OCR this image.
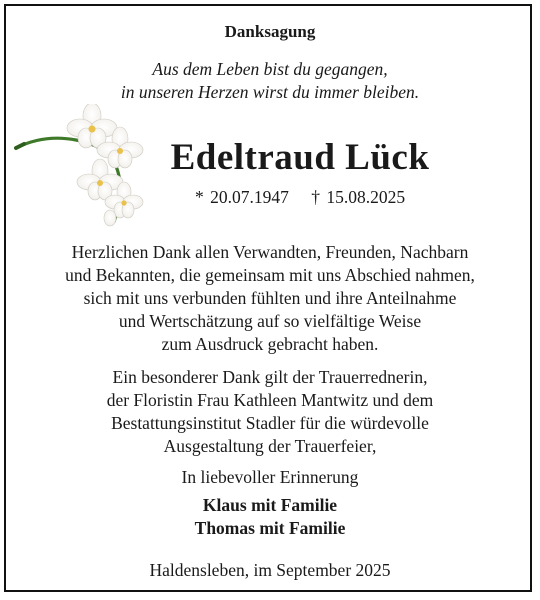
Danksagung
Aus dem Leben bist du gegangen,
in unseren Herzen wirst du immer bleiben.
Edeltraud Lück
* 20.07.1947 † 15.08.2025
Herzlichen Dank allen Verwandten, Freunden, Nachbarn
und Bekannten, die gemeinsam mit uns Abschied nahmen,
sich mit uns verbunden fühlten und ihre Anteilnahme
und Wertschätzung auf so vielfältige Weise
zum Ausdruck gebracht haben.
Ein besonderer Dank gilt der Trauerrednerin,
der Floristin Frau Kathleen Mantwitz und dem
Bestattungsinstitut Stadler für die würdevolle
Ausgestaltung der Trauerfeier,
In liebevoller Erinnerung
Klaus mit Familie
Thomas mit Familie
Haldensleben, im September 2025
